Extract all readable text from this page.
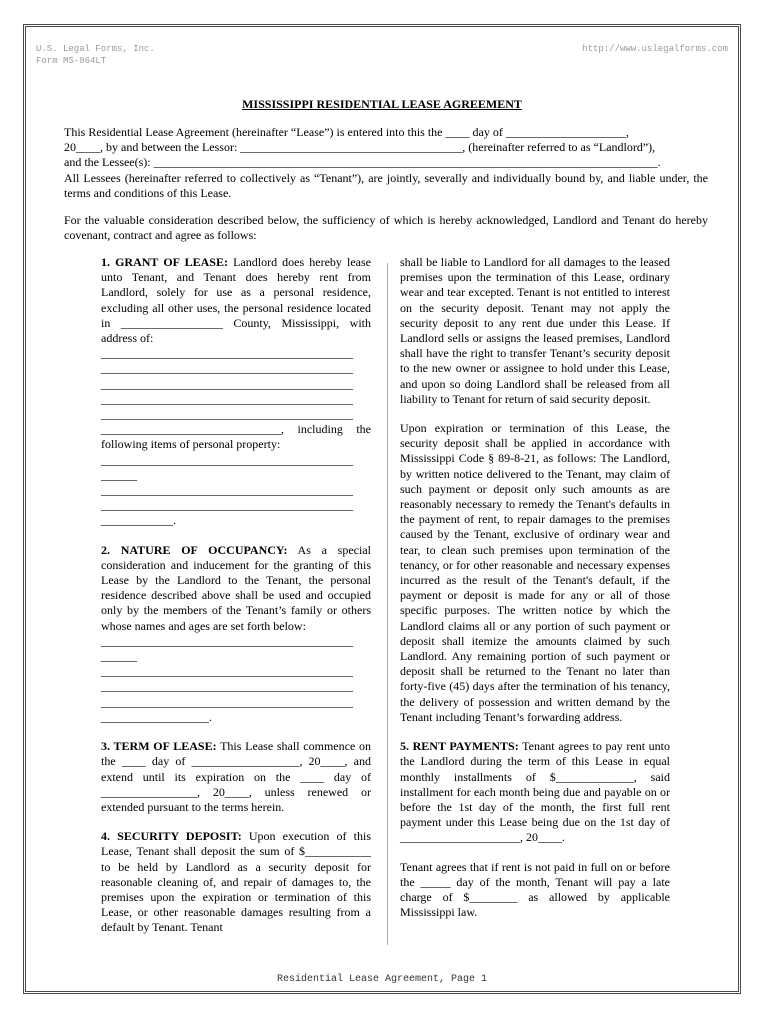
U.S. Legal Forms, Inc.
Form MS-864LT
http://www.uslegalforms.com
MISSISSIPPI RESIDENTIAL LEASE AGREEMENT

This Residential Lease Agreement (hereinafter “Lease”) is entered into this the ____ day of ____________________,

20____, by and between the Lessor: _____________________________________, (hereinafter referred to as “Landlord”),

and the Lessee(s): ____________________________________________________________________________________.

All Lessees (hereinafter referred to collectively as “Tenant”), are jointly, severally and individually bound by, and liable under, the terms and conditions of this Lease.

For the valuable consideration described below, the sufficiency of which is hereby acknowledged, Landlord and Tenant do hereby covenant, contract and agree as follows:

1. GRANT OF LEASE: Landlord does hereby lease unto Tenant, and Tenant does hereby rent from Landlord, solely for use as a personal residence, excluding all other uses, the personal residence located in _________________ County, Mississippi, with address of:
__________________________________________
__________________________________________
__________________________________________
__________________________________________
__________________________________________
______________________________, including the following items of personal property:
__________________________________________
______
__________________________________________
__________________________________________
____________.

2. NATURE OF OCCUPANCY: As a special consideration and inducement for the granting of this Lease by the Landlord to the Tenant, the personal residence described above shall be used and occupied only by the members of the Tenant’s family or others whose names and ages are set forth below:
__________________________________________
______
__________________________________________
__________________________________________
__________________________________________
__________________.

3. TERM OF LEASE: This Lease shall commence on the ____ day of __________________, 20____, and extend until its expiration on the ____ day of ________________, 20____, unless renewed or extended pursuant to the terms herein.

4. SECURITY DEPOSIT: Upon execution of this Lease, Tenant shall deposit the sum of $___________ to be held by Landlord as a security deposit for reasonable cleaning of, and repair of damages to, the premises upon the expiration or termination of this Lease, or other reasonable damages resulting from a default by Tenant. Tenant

shall be liable to Landlord for all damages to the leased premises upon the termination of this Lease, ordinary wear and tear excepted. Tenant is not entitled to interest on the security deposit. Tenant may not apply the security deposit to any rent due under this Lease. If Landlord sells or assigns the leased premises, Landlord shall have the right to transfer Tenant’s security deposit to the new owner or assignee to hold under this Lease, and upon so doing Landlord shall be released from all liability to Tenant for return of said security deposit.

Upon expiration or termination of this Lease, the security deposit shall be applied in accordance with Mississippi Code § 89-8-21, as follows: The Landlord, by written notice delivered to the Tenant, may claim of such payment or deposit only such amounts as are reasonably necessary to remedy the Tenant's defaults in the payment of rent, to repair damages to the premises caused by the Tenant, exclusive of ordinary wear and tear, to clean such premises upon termination of the tenancy, or for other reasonable and necessary expenses incurred as the result of the Tenant's default, if the payment or deposit is made for any or all of those specific purposes. The written notice by which the Landlord claims all or any portion of such payment or deposit shall itemize the amounts claimed by such Landlord. Any remaining portion of such payment or deposit shall be returned to the Tenant no later than forty-five (45) days after the termination of his tenancy, the delivery of possession and written demand by the Tenant including Tenant’s forwarding address.

5. RENT PAYMENTS: Tenant agrees to pay rent unto the Landlord during the term of this Lease in equal monthly installments of $_____________, said installment for each month being due and payable on or before the 1st day of the month, the first full rent payment under this Lease being due on the 1st day of ____________________, 20____.

Tenant agrees that if rent is not paid in full on or before the _____ day of the month, Tenant will pay a late charge of $________ as allowed by applicable Mississippi law.

Residential Lease Agreement, Page 1
